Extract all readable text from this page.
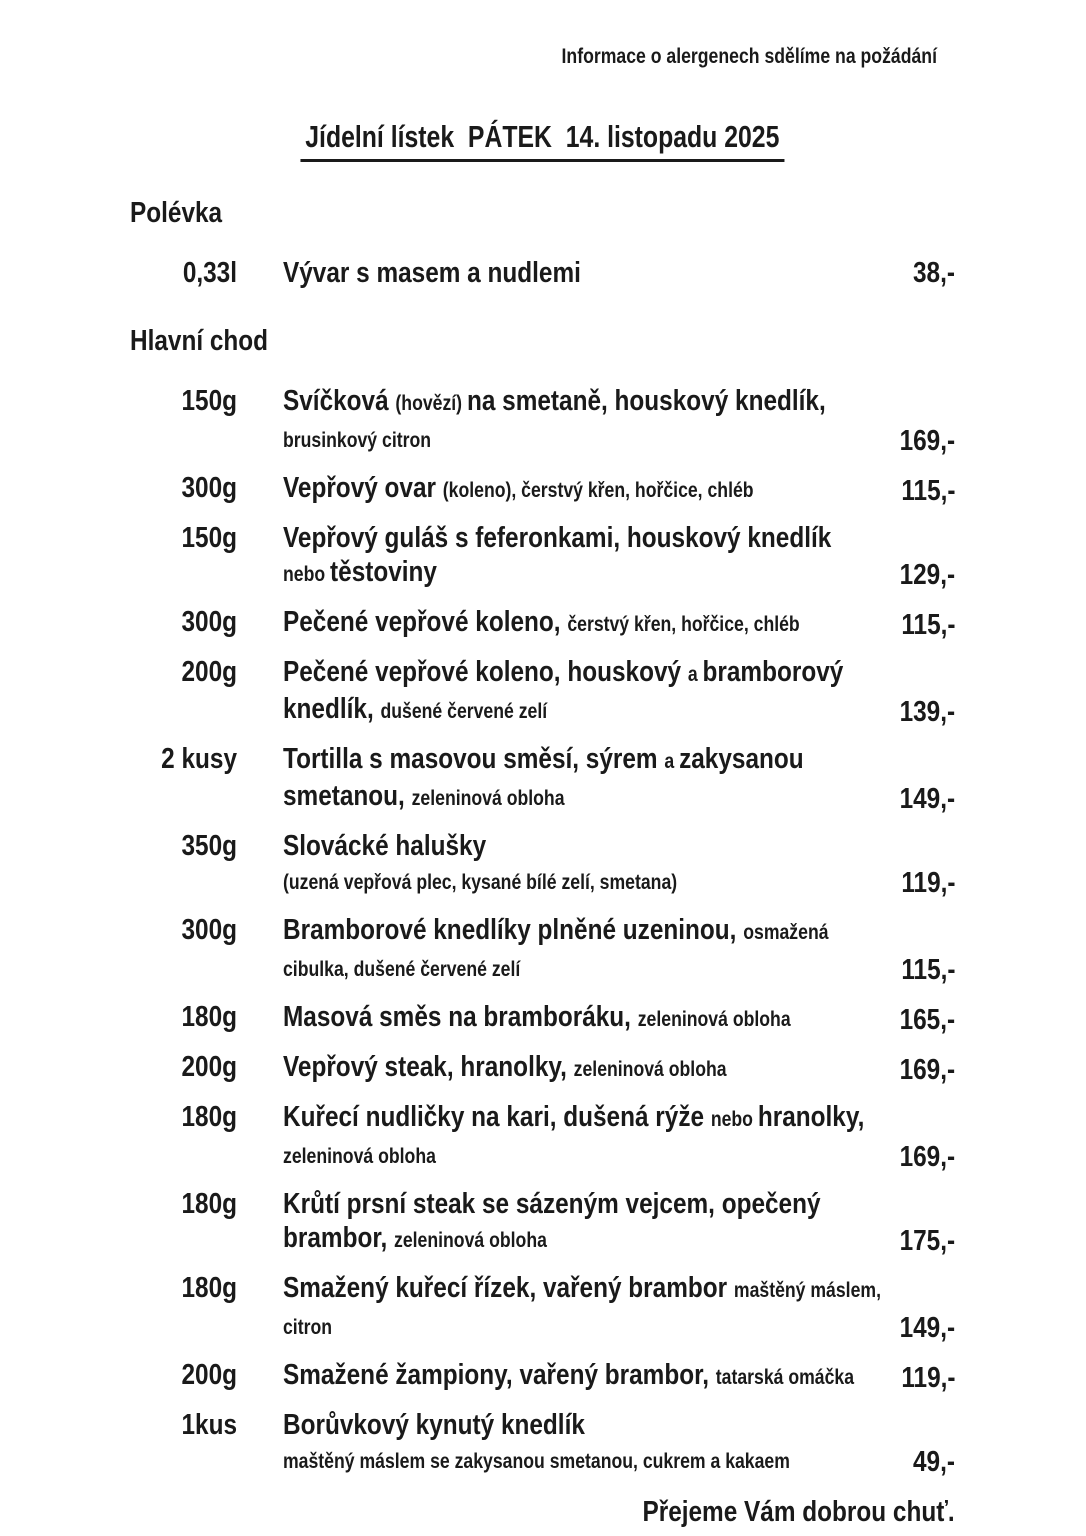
Informace o alergenech sdělíme na požádání
Jídelní lístek  PÁTEK  14. listopadu 2025
Polévka
0,33l Vývar s masem a nudlemi	38,-
Hlavní chod
150g Svíčková (hovězí) na smetaně, houskový knedlík,
brusinkový citron	169,-
300g Vepřový ovar (koleno), čerstvý křen, hořčice, chléb	115,-
150g Vepřový guláš s feferonkami, houskový knedlík
nebo těstoviny	129,-
300g Pečené vepřové koleno, čerstvý křen, hořčice, chléb	115,-
200g Pečené vepřové koleno, houskový a bramborový
knedlík, dušené červené zelí	139,-
2 kusy Tortilla s masovou směsí, sýrem a zakysanou
smetanou, zeleninová obloha	149,-
350g Slovácké halušky
(uzená vepřová plec, kysané bílé zelí, smetana)	119,-
300g Bramborové knedlíky plněné uzeninou, osmažená
cibulka, dušené červené zelí	115,-
180g Masová směs na bramboráku, zeleninová obloha	165,-
200g Vepřový steak, hranolky, zeleninová obloha	169,-
180g Kuřecí nudličky na kari, dušená rýže nebo hranolky,
zeleninová obloha	169,-
180g Krůtí prsní steak se sázeným vejcem, opečený
brambor, zeleninová obloha	175,-
180g Smažený kuřecí řízek, vařený brambor maštěný máslem,
citron	149,-
200g Smažené žampiony, vařený brambor, tatarská omáčka 119,-
1kus Borůvkový kynutý knedlík
maštěný máslem se zakysanou smetanou, cukrem a kakaem	49,-
Přejeme Vám dobrou chuť.
